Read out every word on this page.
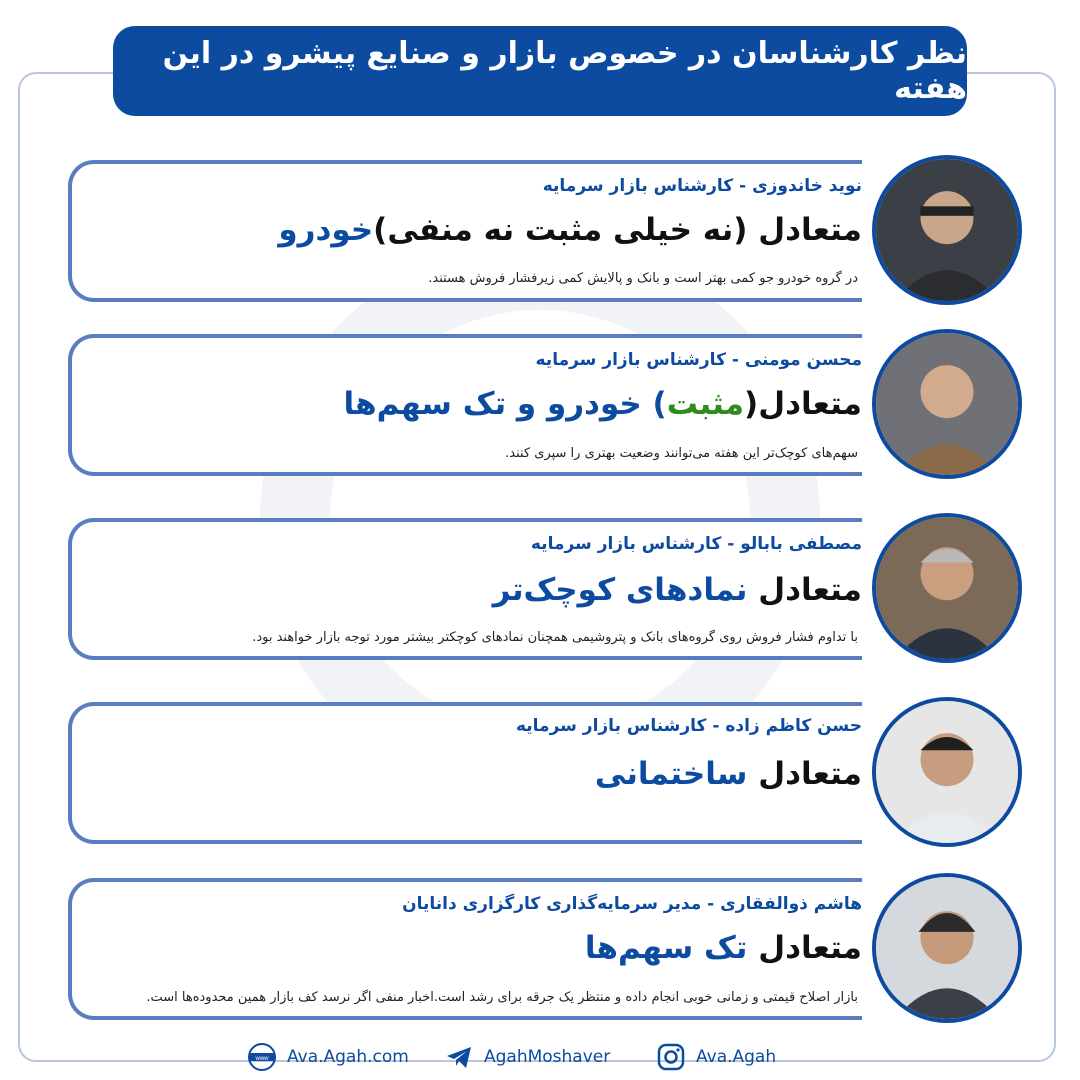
نظر کارشناسان در خصوص بازار و صنایع پیشرو در این هفته
نوید خاندوزی - کارشناس بازار سرمایه
متعادل (نه خیلی مثبت نه منفی)خودرو
در گروه خودرو جو کمی بهتر است و بانک و پالایش کمی زیرفشار فروش هستند.
محسن مومنی - کارشناس بازار سرمایه
متعادل(مثبت) خودرو و تک سهم‌ها
سهم‌های کوچک‌تر این هفته می‌توانند وضعیت بهتری را سپری کنند.
مصطفی بابالو - کارشناس بازار سرمایه
متعادل نمادهای کوچک‌تر
با تداوم فشار فروش روی گروه‌های بانک و پتروشیمی همچنان نمادهای کوچکتر بیشتر مورد توجه بازار خواهند بود.
حسن کاظم زاده - کارشناس بازار سرمایه
متعادل ساختمانی
هاشم ذوالفقاری - مدیر سرمایه‌گذاری کارگزاری دانایان
متعادل تک سهم‌ها
بازار اصلاح قیمتی و زمانی خوبی انجام داده و منتظر یک جرقه برای رشد است.اخبار منفی اگر نرسد کف بازار همین محدوده‌ها است.
www Ava.Agah.com	AgahMoshaver	Ava.Agah
